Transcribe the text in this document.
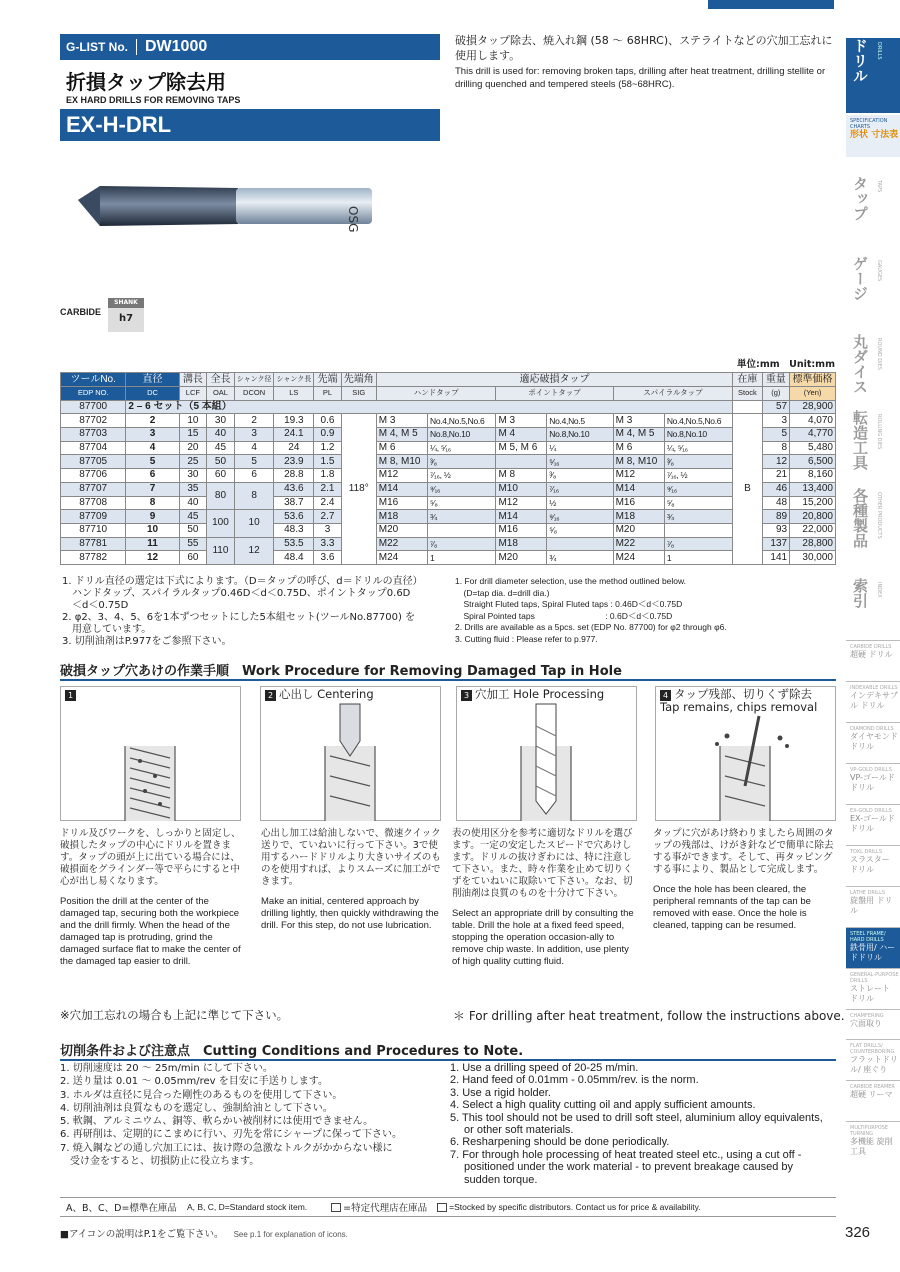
G-LIST No. DW1000
折損タップ除去用
EX HARD DRILLS FOR REMOVING TAPS
EX-H-DRL
破損タップ除去、焼入れ鋼 (58 ～ 68HRC)、ステライトなどの穴加工忘れに使用します。
This drill is used for: removing broken taps, drilling after heat treatment, drilling stellite or drilling quenched and tempered steels (58~68HRC).
OSG
CARBIDE
SHANK
h7
単位:mm　Unit:mm
ツールNo.	直径	溝長	全長	シャンク径	シャンク長	先端	先端角	適応破損タップ						在庫	重量	標準価格
EDP NO.	DC	LCF	OAL	DCON	LS	PL	SIG	ハンドタップ		ポイントタップ		スパイラルタップ		Stock	(g)	(Yen)
87700	2 – 6 セット（5 本組）														57	28,900
87702	2	10	30	2	19.3	0.6	118°	M 3	No.4,No.5,No.6	M 3	No.4,No.5	M 3	No.4,No.5,No.6	B	3	4,070
87703	3	15	40	3	24.1	0.9		M 4, M 5	No.8,No.10	M 4	No.8,No.10	M 4, M 5	No.8,No.10		5	4,770
87704	4	20	45	4	24	1.2		M 6	¼, ⁵⁄₁₆	M 5, M 6	¼	M 6	¼, ⁵⁄₁₆		8	5,480
87705	5	25	50	5	23.9	1.5		M 8, M10	³⁄₈		⁵⁄₁₆	M 8, M10	³⁄₈		12	6,500
87706	6	30	60	6	28.8	1.8		M12	⁷⁄₁₆, ½	M 8	³⁄₈	M12	⁷⁄₁₆, ½		21	8,160
87707	7	35	80	8	43.6	2.1		M14	⁹⁄₁₆	M10	⁷⁄₁₆	M14	⁹⁄₁₆		46	13,400
87708	8	40			38.7	2.4		M16	⁵⁄₈	M12	½	M16	⁵⁄₈		48	15,200
87709	9	45	100	10	53.6	2.7		M18	¾	M14	⁹⁄₁₆	M18	¾		89	20,800
87710	10	50			48.3	3		M20		M16	⁵⁄₈	M20			93	22,000
87781	11	55	110	12	53.5	3.3		M22	⁷⁄₈	M18		M22	⁷⁄₈		137	28,800
87782	12	60			48.4	3.6		M24	1	M20	¾	M24	1		141	30,000
1. ドリル直径の選定は下式によります。（D＝タップの呼び、d＝ドリルの直径）
　ハンドタップ、スパイラルタップ0.46D＜d＜0.75D、ポイントタップ0.6D
　＜d＜0.75D
2. φ2、3、4、5、6を1本ずつセットにした5本組セット(ツールNo.87700) を
　用意しています。
3. 切削油剤はP.977をご参照下さい。
1. For drill diameter selection, use the method outlined below.
　(D=tap dia. d=drill dia.)
　Straight Fluted taps, Spiral Fluted taps : 0.46D＜d＜0.75D
　Spiral Pointed taps　　　　　　　　 : 0.6D＜d＜0.75D
2. Drills are available as a 5pcs. set (EDP No. 87700) for φ2 through φ6.
3. Cutting fluid : Please refer to p.977.
破損タップ穴あけの作業手順　Work Procedure for Removing Damaged Tap in Hole
1	2 心出し Centering	3 穴加工 Hole Processing	4 タップ残部、切りくず除去
Tap remains, chips removal
ドリル及びワークを、しっかりと固定し、破損したタップの中心にドリルを置きます。タップの頭が上に出ている場合には、破損面をグラインダー等で平らにすると中心が出し易くなります。
Position the drill at the center of the damaged tap, securing both the workpiece and the drill firmly. When the head of the damaged tap is protruding, grind the damaged surface flat to make the center of the damaged tap easier to drill.
心出し加工は給油しないで、微速クイック送りで、ていねいに行って下さい。3で使用するハードドリルより大きいサイズのものを使用すれば、よりスムーズに加工ができます。
Make an initial, centered approach by drilling lightly, then quickly withdrawing the drill. For this step, do not use lubrication.
表の使用区分を参考に適切なドリルを選びます。一定の安定したスピードで穴あけします。ドリルの抜けぎわには、特に注意して下さい。また、時々作業を止めて切りくずをていねいに取除いて下さい。なお、切削油剤は良質のものを十分けて下さい。
Select an appropriate drill by consulting the table. Drill the hole at a fixed feed speed, stopping the operation occasion-ally to remove chip waste. In addition, use plenty of high quality cutting fluid.
タップに穴があけ終わりましたら周囲のタップの残部は、けがき針などで簡単に除去する事ができます。そして、再タッピングする事により、製品として完成します。
Once the hole has been cleared, the peripheral remnants of the tap can be removed with ease. Once the hole is cleaned, tapping can be resumed.
※穴加工忘れの場合も上記に準じて下さい。	＊ For drilling after heat treatment, follow the instructions above.
切削条件および注意点　Cutting Conditions and Procedures to Note.
1. 切削速度は 20 ～ 25m/min にして下さい。
2. 送り量は 0.01 ～ 0.05mm/rev を目安に手送りします。
3. ホルダは直径に見合った剛性のあるものを使用して下さい。
4. 切削油剤は良質なものを選定し、強制給油として下さい。
5. 軟鋼、アルミニウム、銅等、軟らかい被削材には使用できません。
6. 再研削は、定期的にこまめに行い、刃先を常にシャープに保って下さい。
7. 焼入鋼などの通し穴加工には、抜け際の急激なトルクがかからない様に
　受け金をすると、切損防止に役立ちます。
1. Use a drilling speed of 20-25 m/min.
2. Hand feed of 0.01mm - 0.05mm/rev. is the norm.
3. Use a rigid holder.
4. Select a high quality cutting oil and apply sufficient amounts.
5. This tool should not be used to drill soft steel, aluminium alloy equivalents,
　 or other soft materials.
6. Resharpening should be done periodically.
7. For through hole processing of heat treated steel etc., using a cut off -
　 positioned under the work material - to prevent breakage caused by
　 sudden torque.
A、B、C、D=標準在庫品 A, B, C, D=Standard stock item.	=特定代理店在庫品	=Stocked by specific distributors. Contact us for price & availability.
■アイコンの説明はP.1をご覧下さい。 See p.1 for explanation of icons.	326
ドリル DRILLS
SPECIFICATION CHARTS
形状 寸法表
タップ TAPS
ゲージ GAUGES
丸ダイス ROUND DIES
転造工具 ROLLING DIES
各種製品 OTHER PRODUCTS
索引 INDEX
CARBIDE DRILLS
超硬 ドリル
INDEXABLE DRILLS
インデキサブル ドリル
DIAMOND DRILLS
ダイヤモンド ドリル
VP-GOLD DRILLS
VP-ゴールド ドリル
EX-GOLD DRILLS
EX-ゴールド ドリル
TOXL DRILLS
スラスター ドリル
LATHE DRILLS
旋盤用 ドリル
STEEL FRAME/ HARD DRILLS
鉄骨用/ ハードドリル
GENERAL-PURPOSE DRILLS
ストレート ドリル
CHAMFERING
穴面取り
FLAT DRILLS/ COUNTERBORING
フラットドリル/ 座ぐり
CARBIDE REAMER
超硬 リーマ
MULTIPURPOSE TURNING
多機能 旋削工具
